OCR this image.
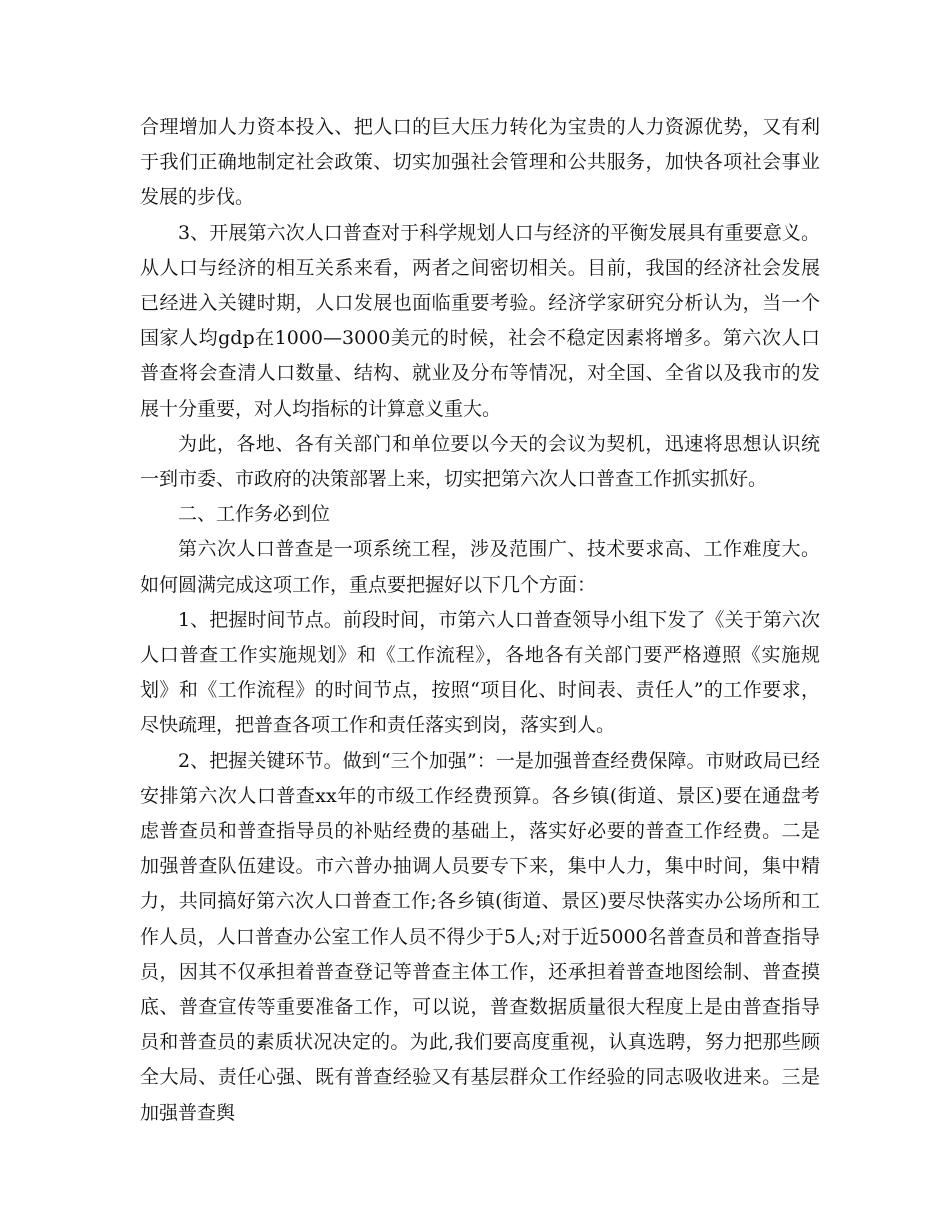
合理增加人力资本投入、把人口的巨大压力转化为宝贵的人力资源优势，又有利于我们正确地制定社会政策、切实加强社会管理和公共服务，加快各项社会事业发展的步伐。

3、开展第六次人口普查对于科学规划人口与经济的平衡发展具有重要意义。从人口与经济的相互关系来看，两者之间密切相关。目前，我国的经济社会发展已经进入关键时期，人口发展也面临重要考验。经济学家研究分析认为，当一个国家人均gdp在1000—3000美元的时候，社会不稳定因素将增多。第六次人口普查将会查清人口数量、结构、就业及分布等情况，对全国、全省以及我市的发展十分重要，对人均指标的计算意义重大。

为此，各地、各有关部门和单位要以今天的会议为契机，迅速将思想认识统一到市委、市政府的决策部署上来，切实把第六次人口普查工作抓实抓好。

二、工作务必到位

第六次人口普查是一项系统工程，涉及范围广、技术要求高、工作难度大。如何圆满完成这项工作，重点要把握好以下几个方面：

1、把握时间节点。前段时间，市第六人口普查领导小组下发了《关于第六次人口普查工作实施规划》和《工作流程》，各地各有关部门要严格遵照《实施规划》和《工作流程》的时间节点，按照“项目化、时间表、责任人”的工作要求，尽快疏理，把普查各项工作和责任落实到岗，落实到人。

2、把握关键环节。做到“三个加强”：一是加强普查经费保障。市财政局已经安排第六次人口普查xx年的市级工作经费预算。各乡镇(街道、景区)要在通盘考虑普查员和普查指导员的补贴经费的基础上，落实好必要的普查工作经费。二是加强普查队伍建设。市六普办抽调人员要专下来，集中人力，集中时间，集中精力，共同搞好第六次人口普查工作;各乡镇(街道、景区)要尽快落实办公场所和工作人员，人口普查办公室工作人员不得少于5人;对于近5000名普查员和普查指导员，因其不仅承担着普查登记等普查主体工作，还承担着普查地图绘制、普查摸底、普查宣传等重要准备工作，可以说，普查数据质量很大程度上是由普查指导员和普查员的素质状况决定的。为此,我们要高度重视，认真选聘，努力把那些顾全大局、责任心强、既有普查经验又有基层群众工作经验的同志吸收进来。三是加强普查舆
